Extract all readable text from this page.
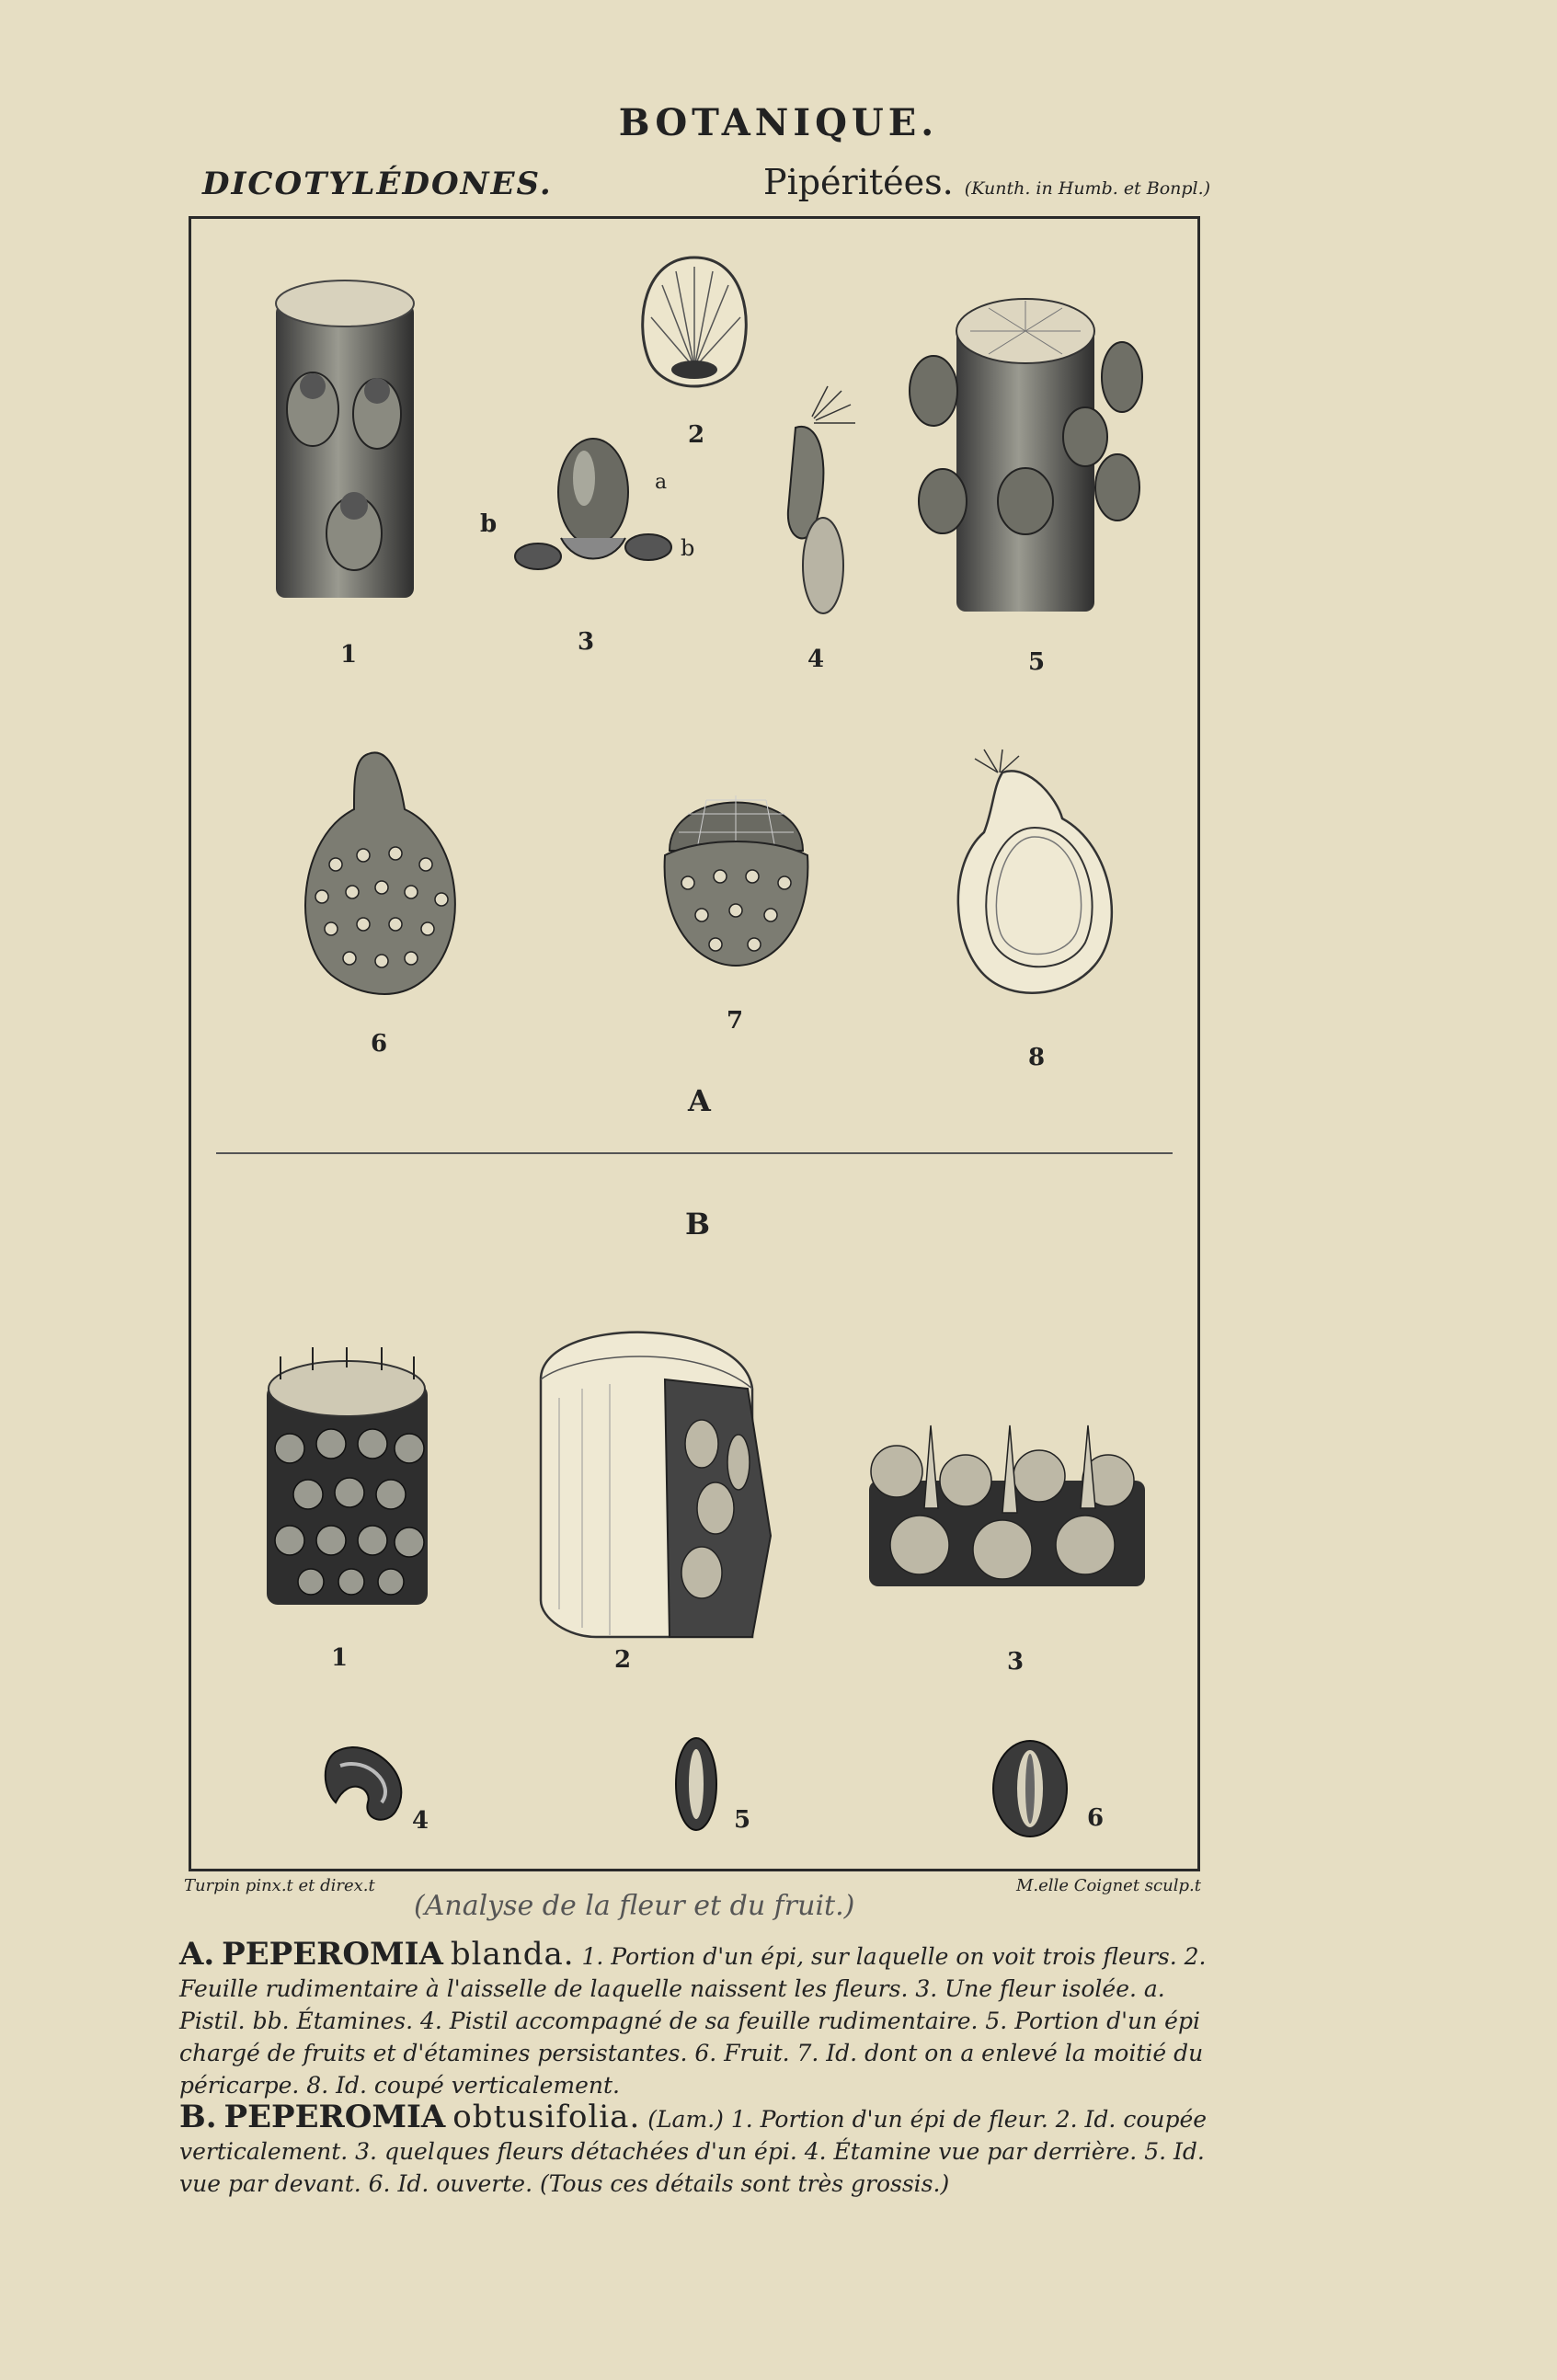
BOTANIQUE.
DICOTYLÉDONES.	Pipéritées. (Kunth. in Humb. et Bonpl.)
a
b
b
1
2
3
4	5
6
7
8
A
B
1	2	3
4	5	6
Turpin pinx.t et direx.t	M.elle Coignet sculp.t
(Analyse de la fleur et du fruit.)

A. PEPEROMIA blanda. 1. Portion d'un épi, sur laquelle on voit trois fleurs. 2. Feuille rudimentaire à l'aisselle de laquelle naissent les fleurs. 3. Une fleur isolée. a. Pistil. bb. Étamines. 4. Pistil accompagné de sa feuille rudimentaire. 5. Portion d'un épi chargé de fruits et d'étamines persistantes. 6. Fruit. 7. Id. dont on a enlevé la moitié du péricarpe. 8. Id. coupé verticalement.

B. PEPEROMIA obtusifolia. (Lam.) 1. Portion d'un épi de fleur. 2. Id. coupée verticalement. 3. quelques fleurs détachées d'un épi. 4. Étamine vue par derrière. 5. Id. vue par devant. 6. Id. ouverte. (Tous ces détails sont très grossis.)
